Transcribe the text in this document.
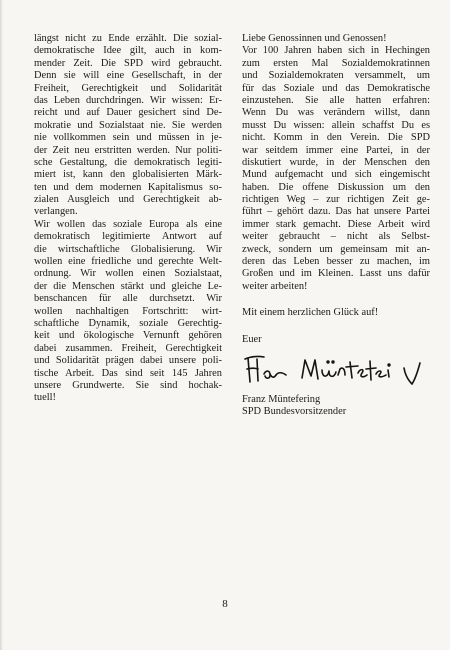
längst nicht zu Ende erzählt. Die sozial-
demokratische Idee gilt, auch in kom-
mender Zeit. Die SPD wird gebraucht.
Denn sie will eine Gesellschaft, in der
Freiheit, Gerechtigkeit und Solidarität
das Leben durchdringen. Wir wissen: Er-
reicht und auf Dauer gesichert sind De-
mokratie und Sozialstaat nie. Sie werden
nie vollkommen sein und müssen in je-
der Zeit neu erstritten werden. Nur politi-
sche Gestaltung, die demokratisch legiti-
miert ist, kann den globalisierten Märk-
ten und dem modernen Kapitalismus so-
zialen Ausgleich und Gerechtigkeit ab-
verlangen.
Wir wollen das soziale Europa als eine
demokratisch legitimierte Antwort auf
die wirtschaftliche Globalisierung. Wir
wollen eine friedliche und gerechte Welt-
ordnung. Wir wollen einen Sozialstaat,
der die Menschen stärkt und gleiche Le-
benschancen für alle durchsetzt. Wir
wollen nachhaltigen Fortschritt: wirt-
schaftliche Dynamik, soziale Gerechtig-
keit und ökologische Vernunft gehören
dabei zusammen. Freiheit, Gerechtigkeit
und Solidarität prägen dabei unsere poli-
tische Arbeit. Das sind seit 145 Jahren
unsere Grundwerte. Sie sind hochak-
tuell!
Liebe Genossinnen und Genossen!
Vor 100 Jahren haben sich in Hechingen
zum ersten Mal Sozialdemokratinnen
und Sozialdemokraten versammelt, um
für das Soziale und das Demokratische
einzustehen. Sie alle hatten erfahren:
Wenn Du was verändern willst, dann
musst Du wissen: allein schaffst Du es
nicht. Komm in den Verein. Die SPD
war seitdem immer eine Partei, in der
diskutiert wurde, in der Menschen den
Mund aufgemacht und sich eingemischt
haben. Die offene Diskussion um den
richtigen Weg – zur richtigen Zeit ge-
führt – gehört dazu. Das hat unsere Partei
immer stark gemacht. Diese Arbeit wird
weiter gebraucht – nicht als Selbst-
zweck, sondern um gemeinsam mit an-
deren das Leben besser zu machen, im
Großen und im Kleinen. Lasst uns dafür
weiter arbeiten!
Mit einem herzlichen Glück auf!
Euer
Franz Müntefering
SPD Bundesvorsitzender
8
